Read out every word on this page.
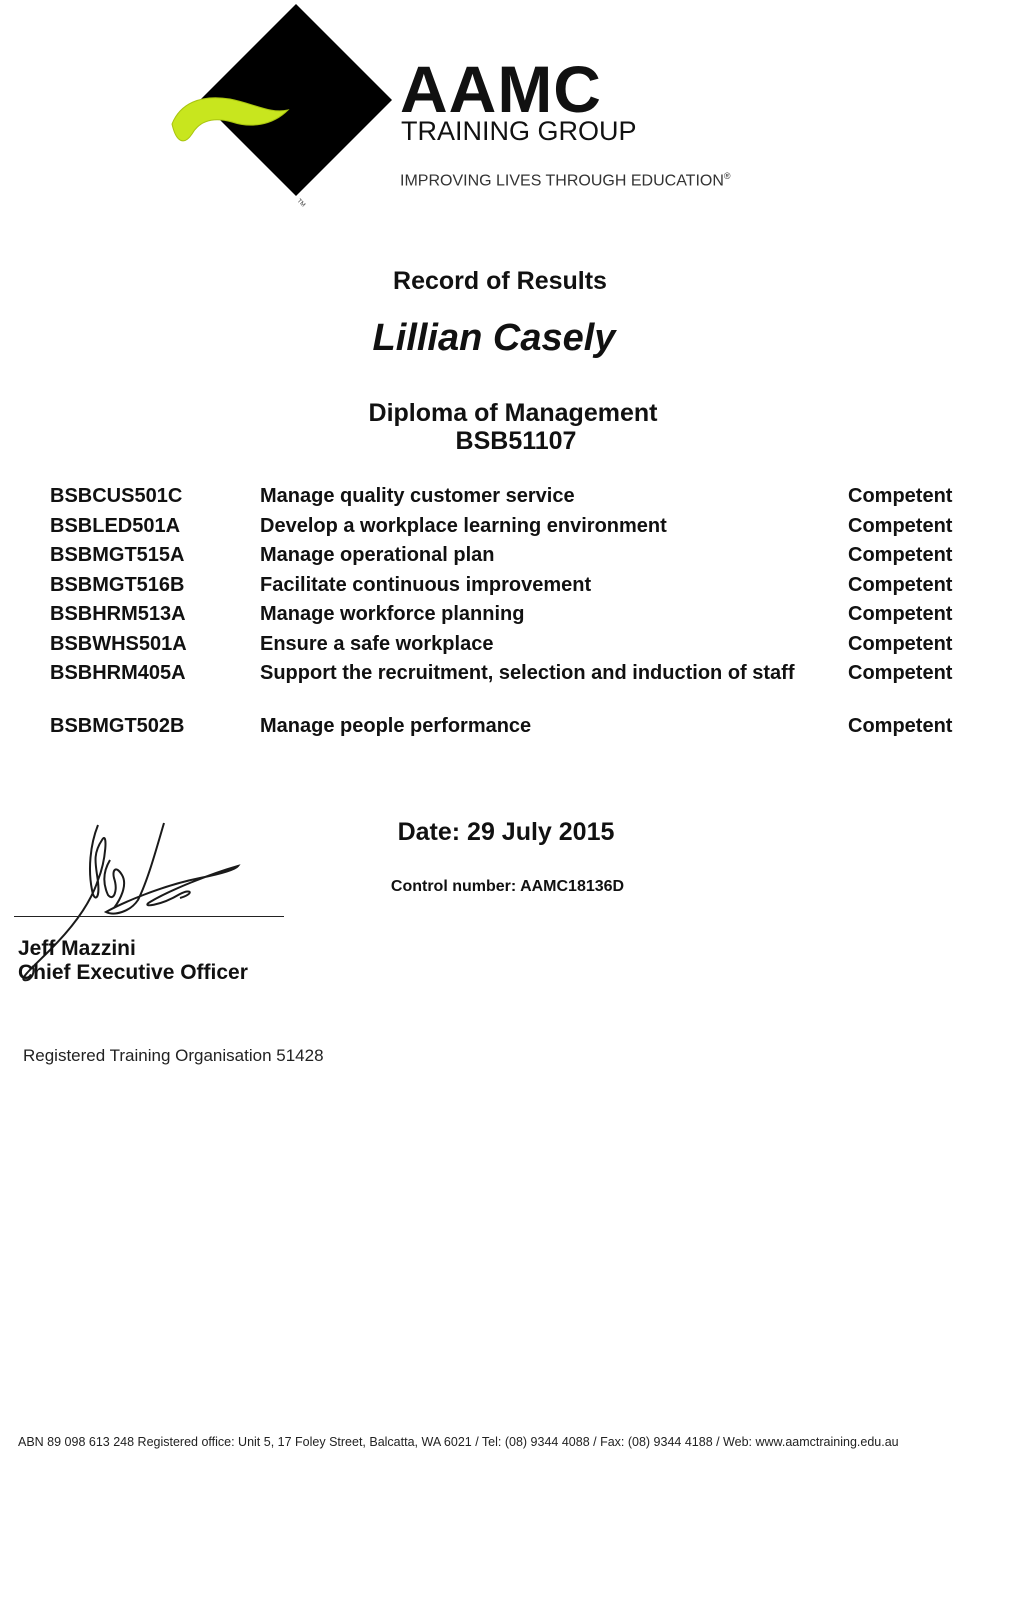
TM
AAMC
TRAINING GROUP
IMPROVING LIVES THROUGH EDUCATION®
Record of Results
Lillian Casely
Diploma of Management
BSB51107
BSBCUS501C	Manage quality customer service	Competent
BSBLED501A	Develop a workplace learning environment	Competent
BSBMGT515A	Manage operational plan	Competent
BSBMGT516B	Facilitate continuous improvement	Competent
BSBHRM513A	Manage workforce planning	Competent
BSBWHS501A	Ensure a safe workplace	Competent
BSBHRM405A	Support the recruitment, selection and induction of staff	Competent
BSBMGT502B	Manage people performance	Competent
Date: 29 July 2015
Control number: AAMC18136D
Jeff Mazzini
Chief Executive Officer
Registered Training Organisation 51428
ABN 89 098 613 248 Registered office: Unit 5, 17 Foley Street, Balcatta, WA 6021 / Tel: (08) 9344 4088 / Fax: (08) 9344 4188 / Web: www.aamctraining.edu.au
